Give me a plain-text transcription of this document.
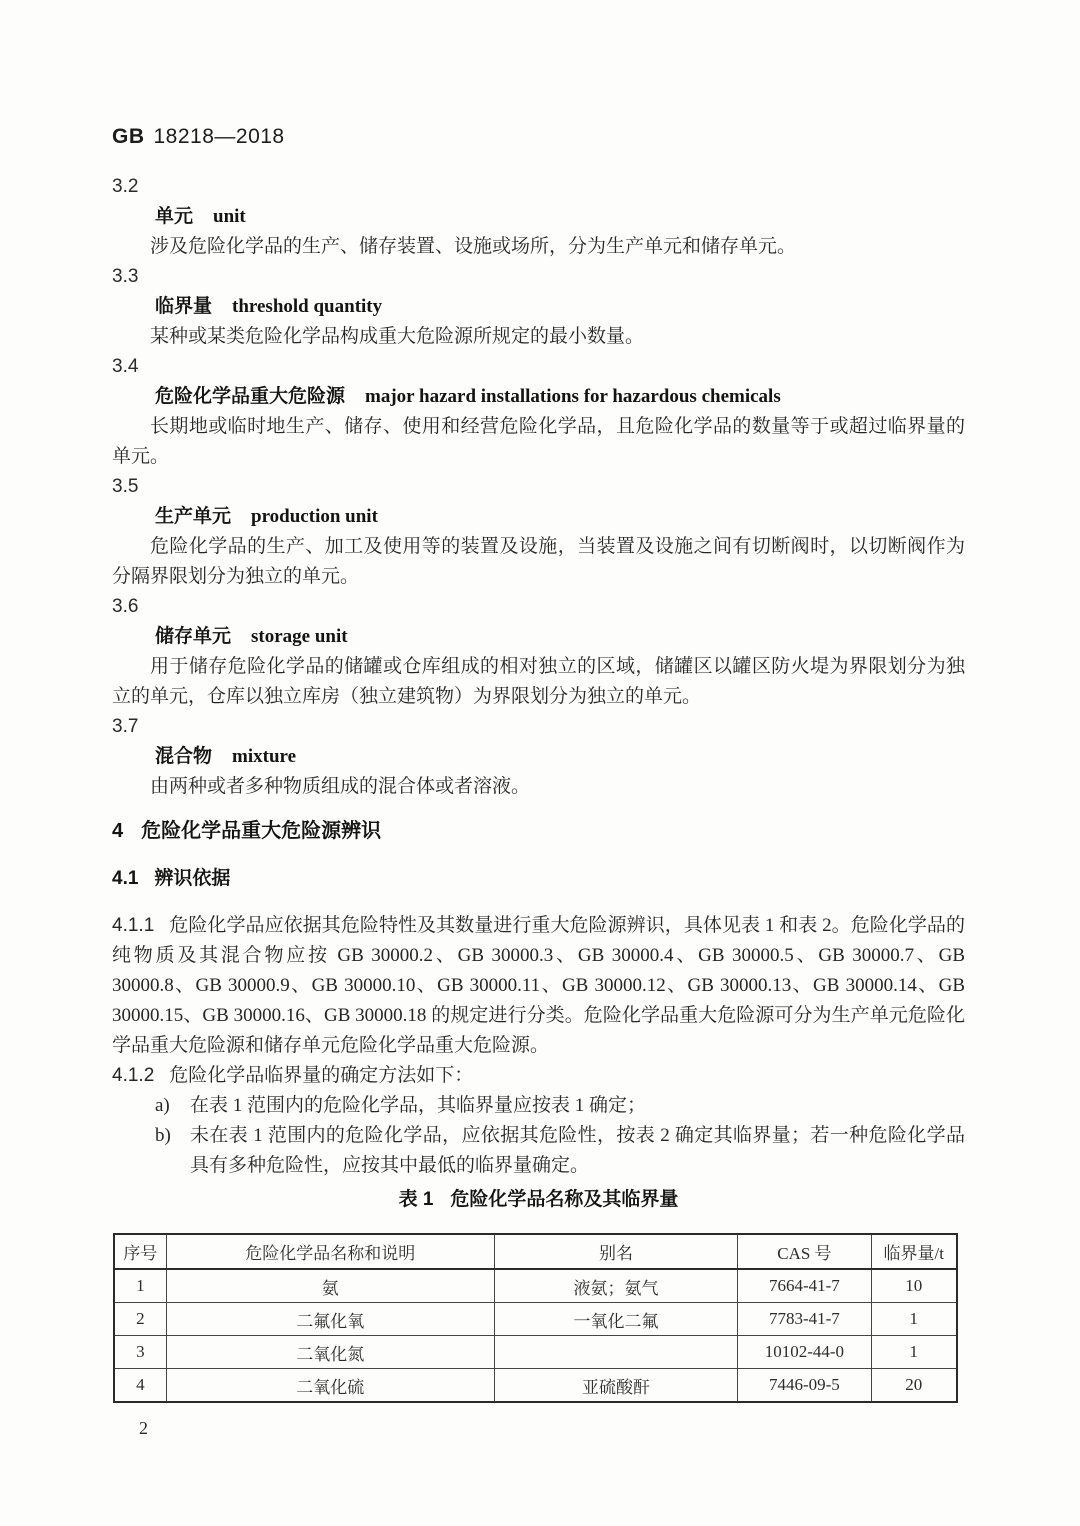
GB 18218—2018
3.2
单元 unit

涉及危险化学品的生产、储存装置、设施或场所，分为生产单元和储存单元。

3.3
临界量 threshold quantity

某种或某类危险化学品构成重大危险源所规定的最小数量。

3.4
危险化学品重大危险源 major hazard installations for hazardous chemicals

长期地或临时地生产、储存、使用和经营危险化学品，且危险化学品的数量等于或超过临界量的单元。

3.5
生产单元 production unit

危险化学品的生产、加工及使用等的装置及设施，当装置及设施之间有切断阀时，以切断阀作为分隔界限划分为独立的单元。

3.6
储存单元 storage unit

用于储存危险化学品的储罐或仓库组成的相对独立的区域，储罐区以罐区防火堤为界限划分为独立的单元，仓库以独立库房（独立建筑物）为界限划分为独立的单元。

3.7
混合物 mixture

由两种或者多种物质组成的混合体或者溶液。

4 危险化学品重大危险源辨识
4.1 辨识依据

4.1.1 危险化学品应依据其危险特性及其数量进行重大危险源辨识，具体见表 1 和表 2。危险化学品的纯物质及其混合物应按 GB 30000.2、GB 30000.3、GB 30000.4、GB 30000.5、GB 30000.7、GB 30000.8、GB 30000.9、GB 30000.10、GB 30000.11、GB 30000.12、GB 30000.13、GB 30000.14、GB 30000.15、GB 30000.16、GB 30000.18 的规定进行分类。危险化学品重大危险源可分为生产单元危险化学品重大危险源和储存单元危险化学品重大危险源。

4.1.2 危险化学品临界量的确定方法如下：

a) 在表 1 范围内的危险化学品，其临界量应按表 1 确定；
b) 未在表 1 范围内的危险化学品，应依据其危险性，按表 2 确定其临界量；若一种危险化学品具有多种危险性，应按其中最低的临界量确定。
表 1 危险化学品名称及其临界量
序号	危险化学品名称和说明	别名	CAS 号	临界量/t
1	氨	液氨；氨气	7664-41-7	10
2	二氟化氧	一氧化二氟	7783-41-7	1
3	二氧化氮		10102-44-0	1
4	二氧化硫	亚硫酸酐	7446-09-5	20
2
